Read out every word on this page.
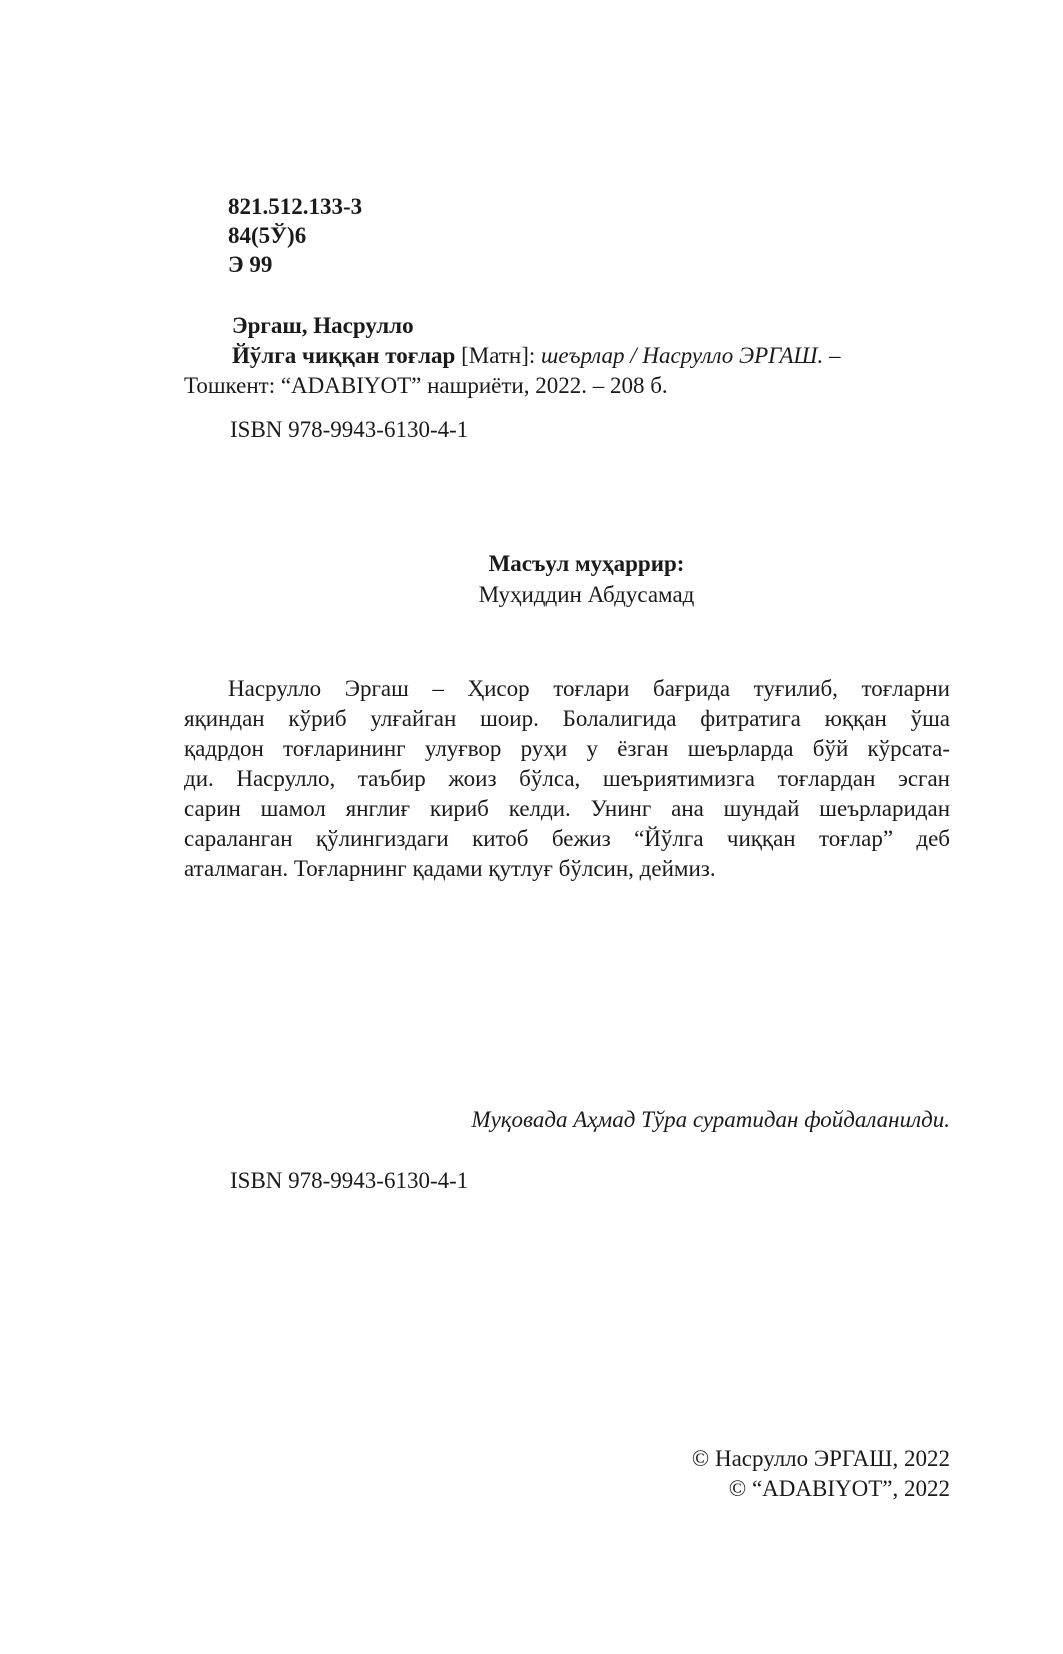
821.512.133-3
84(5Ў)6
Э 99
Эргаш, Насрулло
Йўлга чиққан тоғлар [Матн]: шеърлар / Насрулло ЭРГАШ. –
Тошкент: “ADABIYOT” нашриёти, 2022. – 208 б.
ISBN 978-9943-6130-4-1
Масъул муҳаррир:
Муҳиддин Абдусамад
Насрулло Эргаш – Ҳисор тоғлари бағрида туғилиб, тоғларни
яқиндан кўриб улғайган шоир. Болалигида фитратига юққан ўша
қадрдон тоғларининг улуғвор руҳи у ёзган шеърларда бўй кўрсата-
ди. Насрулло, таъбир жоиз бўлса, шеъриятимизга тоғлардан эсган
сарин шамол янглиғ кириб келди. Унинг ана шундай шеърларидан
сараланган қўлингиздаги китоб бежиз “Йўлга чиққан тоғлар” деб
аталмаган. Тоғларнинг қадами қутлуғ бўлсин, деймиз.
Муқовада Аҳмад Тўра суратидан фойдаланилди.
ISBN 978-9943-6130-4-1
© Насрулло ЭРГАШ, 2022
© “ADABIYOT”, 2022
